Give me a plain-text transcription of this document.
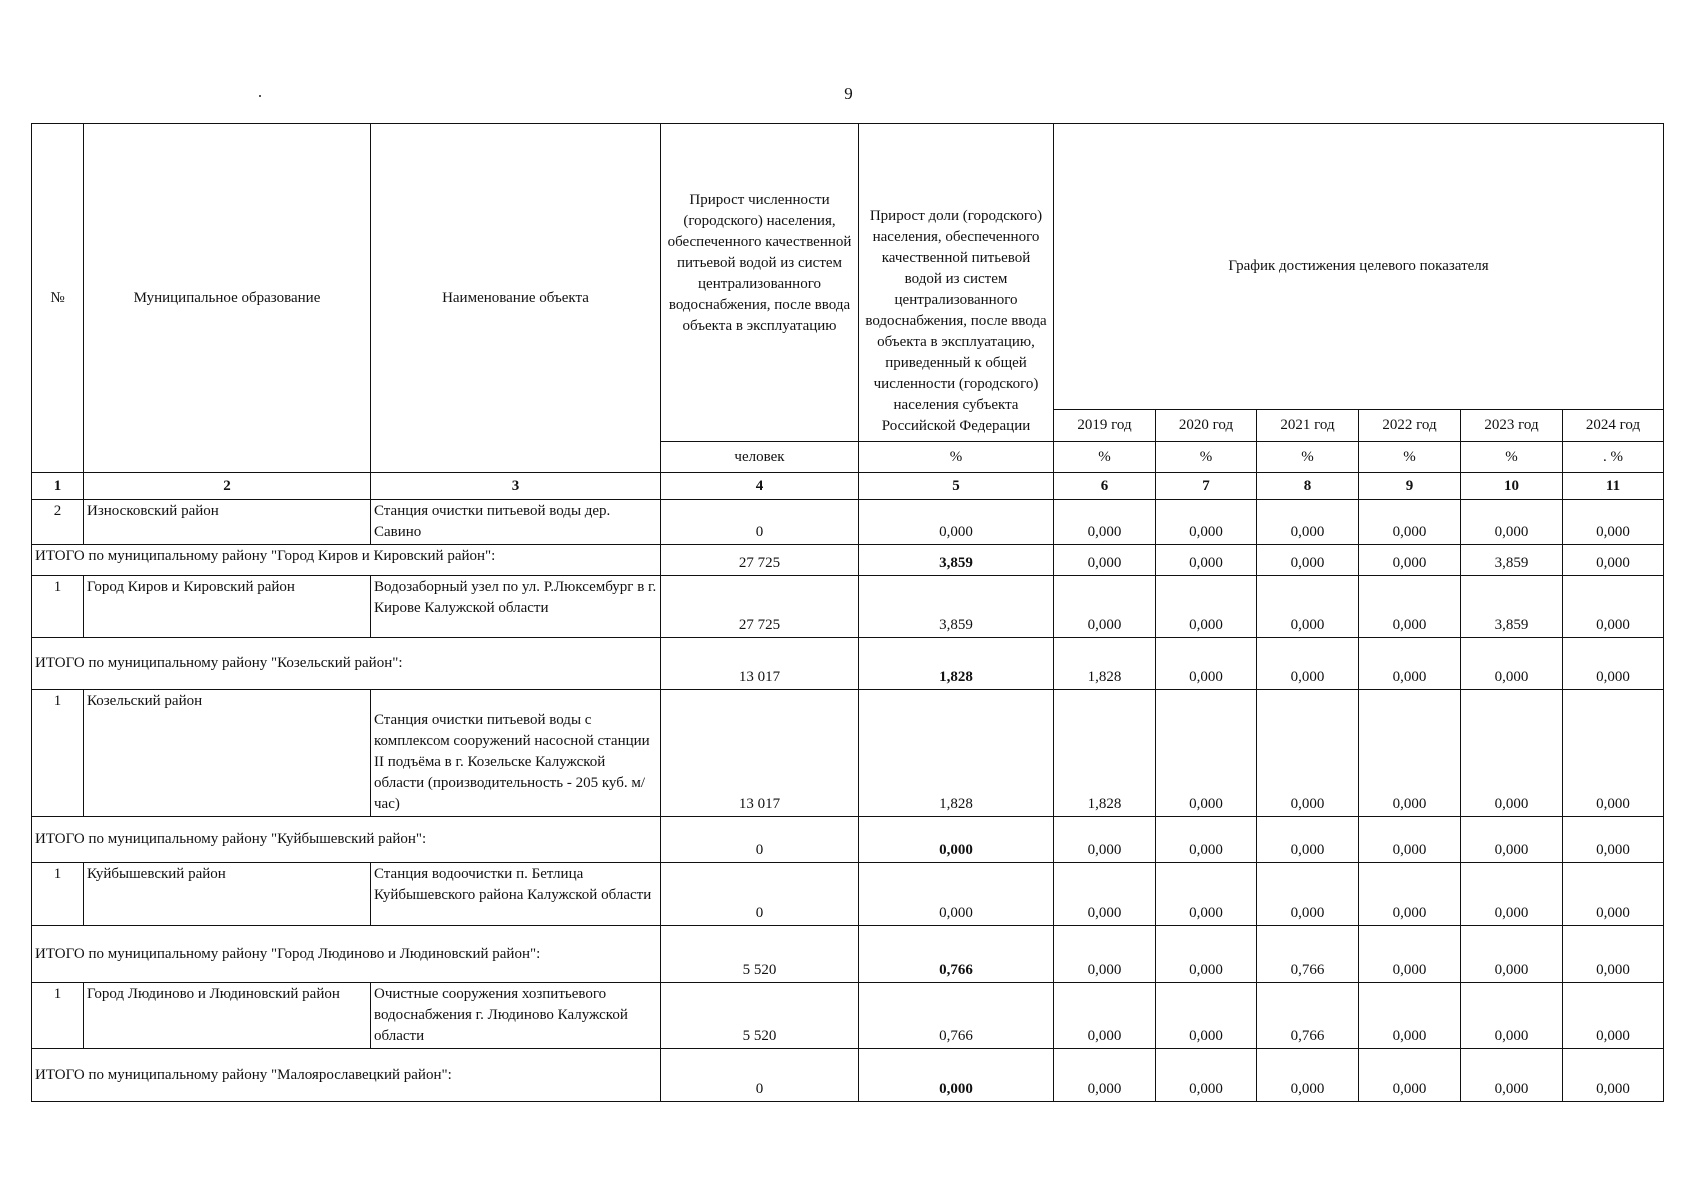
9
№	Муниципальное образование	Наименование объекта	Прирост численности (городского) населения, обеспеченного качественной питьевой водой из систем централизованного водоснабжения, после ввода объекта в эксплуатацию	Прирост доли (городского) населения, обеспеченного качественной питьевой водой из систем централизованного водоснабжения, после ввода объекта в эксплуатацию, приведенный к общей численности (городского) населения субъекта Российской Федерации	График достижения целевого показателя					
					2019 год	2020 год	2021 год	2022 год	2023 год	2024 год
			человек	%	%	%	%	%	%	. %
1	2	3	4	5	6	7	8	9	10	11
2	Износковский район	Станция очистки питьевой воды дер. Савино	0	0,000	0,000	0,000	0,000	0,000	0,000	0,000
ИТОГО по муниципальному району "Город Киров и Кировский район":			27 725	3,859	0,000	0,000	0,000	0,000	3,859	0,000
1	Город Киров и Кировский район	Водозаборный узел по ул. Р.Люксембург в г. Кирове Калужской области	27 725	3,859	0,000	0,000	0,000	0,000	3,859	0,000
ИТОГО по муниципальному району "Козельский район":			13 017	1,828	1,828	0,000	0,000	0,000	0,000	0,000
1	Козельский район	Станция очистки питьевой воды с комплексом сооружений насосной станции II подъёма в г. Козельске Калужской области (производительность - 205 куб. м/час)	13 017	1,828	1,828	0,000	0,000	0,000	0,000	0,000
ИТОГО по муниципальному району "Куйбышевский район":			0	0,000	0,000	0,000	0,000	0,000	0,000	0,000
1	Куйбышевский район	Станция водоочистки п. Бетлица Куйбышевского района Калужской области	0	0,000	0,000	0,000	0,000	0,000	0,000	0,000
ИТОГО по муниципальному району "Город Людиново и Людиновский район":			5 520	0,766	0,000	0,000	0,766	0,000	0,000	0,000
1	Город Людиново и Людиновский район	Очистные сооружения хозпитьевого водоснабжения г. Людиново Калужской области	5 520	0,766	0,000	0,000	0,766	0,000	0,000	0,000
ИТОГО по муниципальному району "Малоярославецкий район":			0	0,000	0,000	0,000	0,000	0,000	0,000	0,000
